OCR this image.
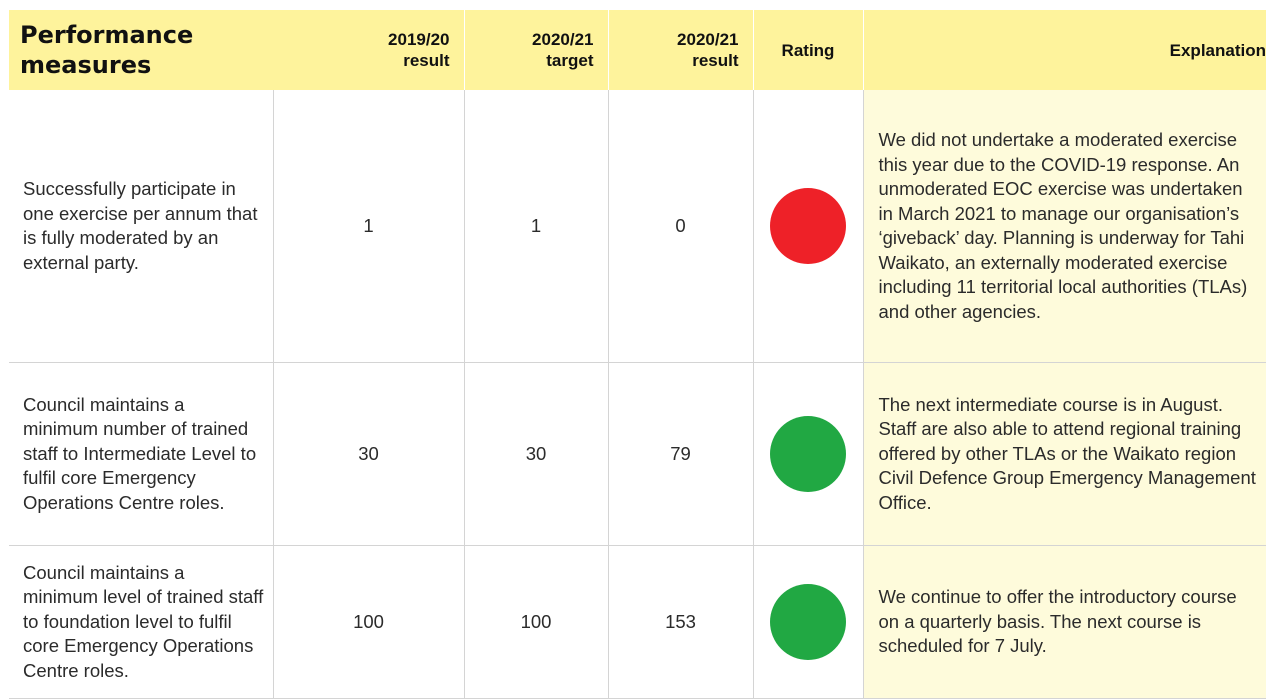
Performance measures	2019/20 result	2020/21 target	2020/21 result	Rating	Explanation
Successfully participate in one exercise per annum that is fully moderated by an external party.	1	1	0		We did not undertake a moderated exercise this year due to the COVID-19 response. An unmoderated EOC exercise was undertaken in March 2021 to manage our organisation’s ‘giveback’ day. Planning is underway for Tahi Waikato, an externally moderated exercise including 11 territorial local authorities (TLAs) and other agencies.
Council maintains a minimum number of trained staff to Intermediate Level to fulfil core Emergency Operations Centre roles.	30	30	79		The next intermediate course is in August. Staff are also able to attend regional training offered by other TLAs or the Waikato region Civil Defence Group Emergency Management Office.
Council maintains a minimum level of trained staff to foundation level to fulfil core Emergency Operations Centre roles.	100	100	153		We continue to offer the introductory course on a quarterly basis. The next course is scheduled for 7 July.
